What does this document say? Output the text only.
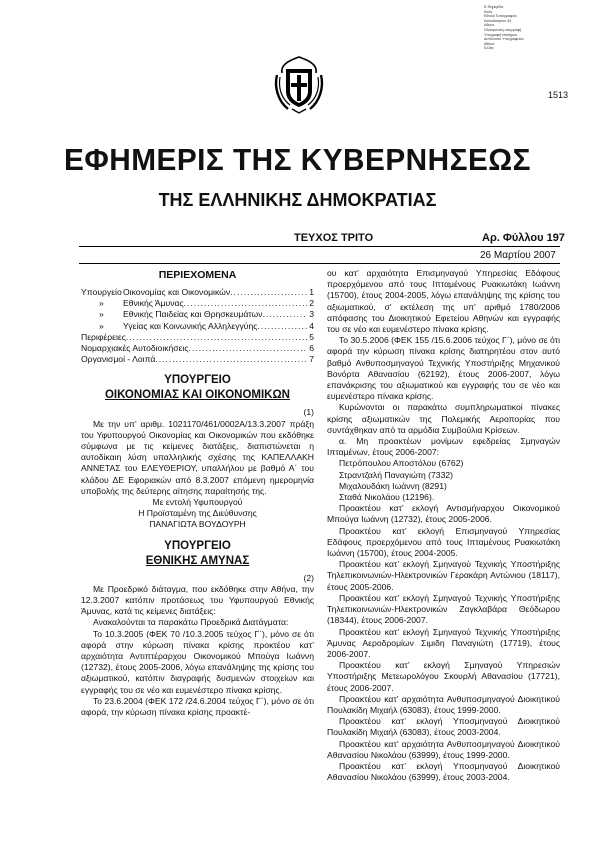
Ε-Φημερίδα
Καλή
Εθνικό Τυπογραφείο
Καποδιστρίου 34
Αθήνα
Ηλεκτρονική υπογραφή
Υπογραφή επισήμου
Διπλότυπο Υπογραφείου
Αθήνα
Ελλάς
1513
ΕΦΗΜΕΡΙΣ ΤΗΣ ΚΥΒΕΡΝΗΣΕΩΣ
ΤΗΣ ΕΛΛΗΝΙΚΗΣ ΔΗΜΟΚΡΑΤΙΑΣ
ΤΕΥΧΟΣ ΤΡΙΤΟ	Αρ. Φύλλου 197
26 Μαρτίου 2007
ΠΕΡΙΕΧΟΜΕΝΑ
Υπουργείο Οικονομίας και Οικονομικών .....	1
»	Εθνικής Άμυνας .....	2
»	Εθνικής Παιδείας και Θρησκευμάτων .....	3
»	Υγείας και Κοινωνικής Αλληλεγγύης .....	4
Περιφέρειες .....	5
Νομαρχιακές Αυτοδιοικήσεις .....	6
Οργανισμοί - Λοιπά .....	7
ΥΠΟΥΡΓΕΙΟ
ΟΙΚΟΝΟΜΙΑΣ ΚΑΙ ΟΙΚΟΝΟΜΙΚΩΝ

(1)

Με την υπ’ αριθμ. 1021170/461/0002Α/13.3.2007 πράξη του Υφυπουργού Οικονομίας και Οικονομικών που εκδόθηκε σύμφωνα με τις κείμενες διατάξεις, διαπιστώνεται η αυτοδίκαιη λύση υπαλληλικής σχέσης της ΚΑΠΕΛΛΑΚΗ ΑΝΝΕΤΑΣ του ΕΛΕΥΘΕΡΙΟΥ, υπαλλήλου με βαθμό Α΄ του κλάδου ΔΕ Εφοριακών από 8.3.2007 επόμενη ημερομηνία υποβολής της δεύτερης αίτησης παραίτησής της.

Με εντολή Υφυπουργού

Η Προϊσταμένη της Διεύθυνσης

ΠΑΝΑΓΙΩΤΑ ΒΟΥΔΟΥΡΗ

ΥΠΟΥΡΓΕΙΟ
ΕΘΝΙΚΗΣ ΑΜΥΝΑΣ

(2)

Με Προεδρικό διάταγμα, που εκδόθηκε στην Αθήνα, την 12.3.2007 κατόπιν προτάσεως του Υφυπουργού Εθνικής Άμυνας, κατά τις κείμενες διατάξεις:

Ανακαλούνται τα παρακάτω Προεδρικά Διατάγματα:

Το 10.3.2005 (ΦΕΚ 70 /10.3.2005 τεύχος Γ΄), μόνο σε ότι αφορά στην κύρωση πίνακα κρίσης προκτέου κατ’ αρχαιότητα Αντιπτέραρχου Οικονομικού Μπούγα Ιωάννη (12732), έτους 2005-2006, λόγω επανάληψης της κρίσης του αξιωματικού, κατόπιν διαγραφής δυσμενών στοιχείων και εγγραφής του σε νέο και ευμενέστερο πίνακα κρίσης.

Το 23.6.2004 (ΦΕΚ 172 /24.6.2004 τεύχος Γ΄), μόνο σε ότι αφορά, την κύρωση πίνακα κρίσης προακτέ-

ου κατ’ αρχαιότητα Επισμηναγού Υπηρεσίας Εδάφους προερχόμενου από τους Ιπταμένους Ρυακιωτάκη Ιωάννη (15700), έτους 2004-2005, λόγω επανάληψης της κρίσης του αξιωματικού, σ’ εκτέλεση της υπ’ αριθμό 1780/2006 απόφασης του Διοικητικού Εφετείου Αθηνών και εγγραφής του σε νέο και ευμενέστερο πίνακα κρίσης.

Το 30.5.2006 (ΦΕΚ 155 /15.6.2006 τεύχος Γ΄), μόνο σε ότι αφορά την κύρωση πίνακα κρίσης διατηρητέου στον αυτό βαθμό Ανθυποσμηναγού Τεχνικής Υποστήριξης Μηχανικού Βονόρτα Αθανασίου (62192), έτους 2006-2007, λόγω επανάκρισης του αξιωματικού και εγγραφής του σε νέο και ευμενέστερο πίνακα κρίσης.

Κυρώνονται οι παρακάτω συμπληρωματικοί πίνακες κρίσης αξιωματικών της Πολεμικής Αεροπορίας που συντάχθηκαν από τα αρμόδια Συμβούλια Κρίσεων.

α. Μη προακτέων μονίμων εφεδρείας Σμηναγών Ιπταμένων, έτους 2006-2007:

Πετρόπουλου Αποστόλου (6762)

Στραντζαλή Παναγιώτη (7332)

Μιχαλουδάκη Ιωάννη (8291)

Σταθά Νικολάου (12196).

Προακτέου κατ’ εκλογή Αντισμήναρχου Οικονομικού Μπούγα Ιωάννη (12732), έτους 2005-2006.

Προακτέου κατ’ εκλογή Επισμηναγού Υπηρεσίας Εδάφους προερχόμενου από τους Ιπταμένους Ρυακιωτάκη Ιωάννη (15700), έτους 2004-2005.

Προακτέου κατ’ εκλογή Σμηναγού Τεχνικής Υποστήριξης Τηλεπικοινωνιών-Ηλεκτρονικών Γερακάρη Αντώνιου (18117), έτους 2005-2006.

Προακτέου κατ’ εκλογή Σμηναγού Τεχνικής Υποστήριξης Τηλεπικοινωνιών-Ηλεκτρονικών Ζαγκλαβάρα Θεόδωρου (18344), έτους 2006-2007.

Προακτέου κατ’ εκλογή Σμηναγού Τεχνικής Υποστήριξης Άμυνας Αεροδρομίων Σιμιδη Παναγιώτη (17719), έτους 2006-2007.

Προακτέου κατ’ εκλογή Σμηναγού Υπηρεσιών Υποστήριξης Μετεωρολόγου Σκουρλή Αθανασίου (17721), έτους 2006-2007.

Προακτέου κατ’ αρχαιότητα Ανθυποσμηναγού Διοικητικού Πουλακίδη Μιχαήλ (63083), έτους 1999-2000.

Προακτέου κατ’ εκλογή Υποσμηναγού Διοικητικού Πουλακίδη Μιχαήλ (63083), έτους 2003-2004.

Προακτέου κατ’ αρχαιότητα Ανθυποσμηναγού Διοικητικού Αθανασίου Νικολάου (63999), έτους 1999-2000.

Προακτέου κατ’ εκλογή Υποσμηναγού Διοικητικού Αθανασίου Νικολάου (63999), έτους 2003-2004.
